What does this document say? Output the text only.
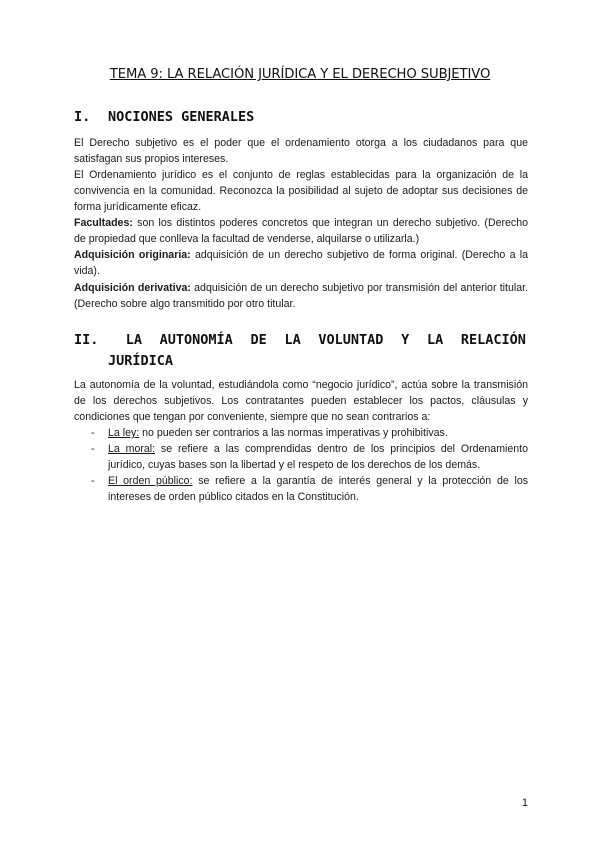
TEMA 9: LA RELACIÓN JURÍDICA Y EL DERECHO SUBJETIVO
I. NOCIONES GENERALES

El Derecho subjetivo es el poder que el ordenamiento otorga a los ciudadanos para que satisfagan sus propios intereses.

El Ordenamiento jurídico es el conjunto de reglas establecidas para la organización de la convivencia en la comunidad. Reconozca la posibilidad al sujeto de adoptar sus decisiones de forma jurídicamente eficaz.

Facultades: son los distintos poderes concretos que integran un derecho subjetivo. (Derecho de propiedad que conlleva la facultad de venderse, alquilarse o utilizarla.)

Adquisición originaria: adquisición de un derecho subjetivo de forma original. (Derecho a la vida).

Adquisición derivativa: adquisición de un derecho subjetivo por transmisión del anterior titular. (Derecho sobre algo transmitido por otro titular.

II.	LA AUTONOMÍA DE LA VOLUNTAD Y LA RELACIÓN
JURÍDICA

La autonomía de la voluntad, estudiándola como “negocio jurídico”, actúa sobre la transmisión de los derechos subjetivos. Los contratantes pueden establecer los pactos, cláusulas y condiciones que tengan por conveniente, siempre que no sean contrarios a:

- La ley: no pueden ser contrarios a las normas imperativas y prohibitivas.
- La moral: se refiere a las comprendidas dentro de los principios del Ordenamiento jurídico, cuyas bases son la libertad y el respeto de los derechos de los demás.
- El orden público: se refiere a la garantía de interés general y la protección de los intereses de orden público citados en la Constitución.
1
